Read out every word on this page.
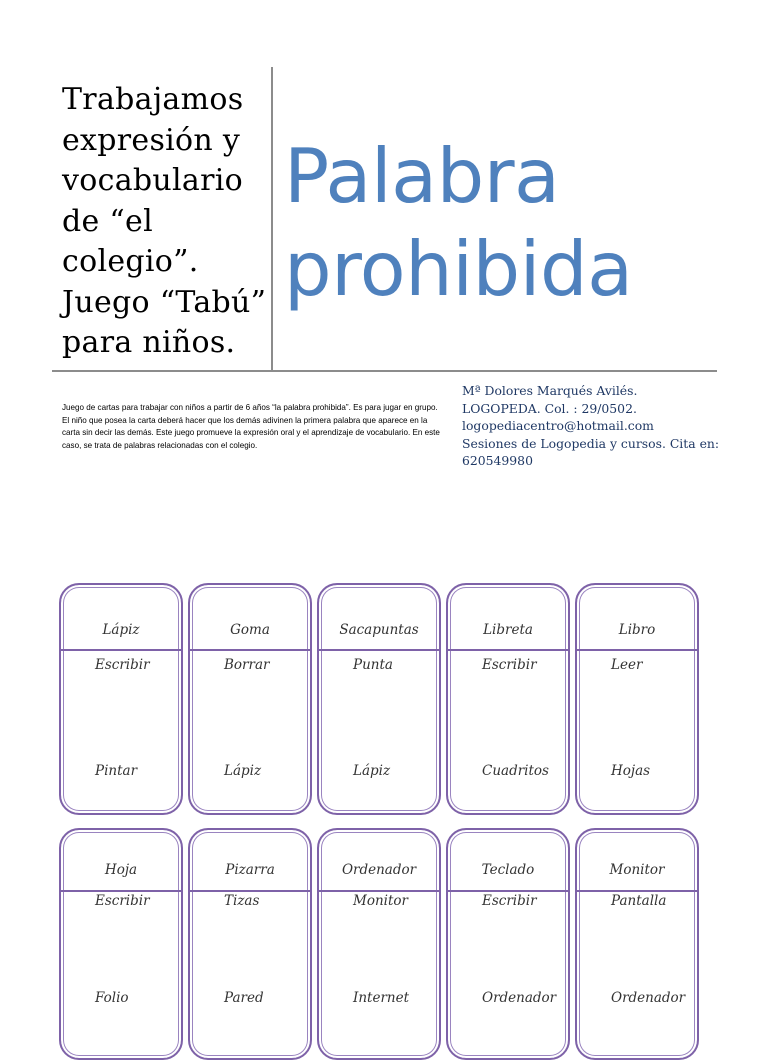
Trabajamos expresión y vocabulario de “el colegio”. Juego “Tabú” para niños.
Palabra prohibida
Juego de cartas para trabajar con niños a partir de 6 años “la palabra prohibida”. Es para jugar en grupo. El niño que posea la carta deberá hacer que los demás adivinen la primera palabra que aparece en la carta sin decir las demás. Este juego promueve la expresión oral y el aprendizaje de vocabulario. En este caso, se trata de palabras relacionadas con el colegio.
Mª Dolores Marqués Avilés.
LOGOPEDA. Col. : 29/0502.
logopediacentro@hotmail.com
Sesiones de Logopedia y cursos. Cita en: 620549980
Lápiz
Escribir
Pintar
Goma
Borrar
Lápiz
Sacapuntas
Punta
Lápiz
Libreta
Escribir
Cuadritos
Libro
Leer
Hojas
Hoja
Escribir
Folio
Pizarra
Tizas
Pared
Ordenador
Monitor
Internet
Teclado
Escribir
Ordenador
Monitor
Pantalla
Ordenador
